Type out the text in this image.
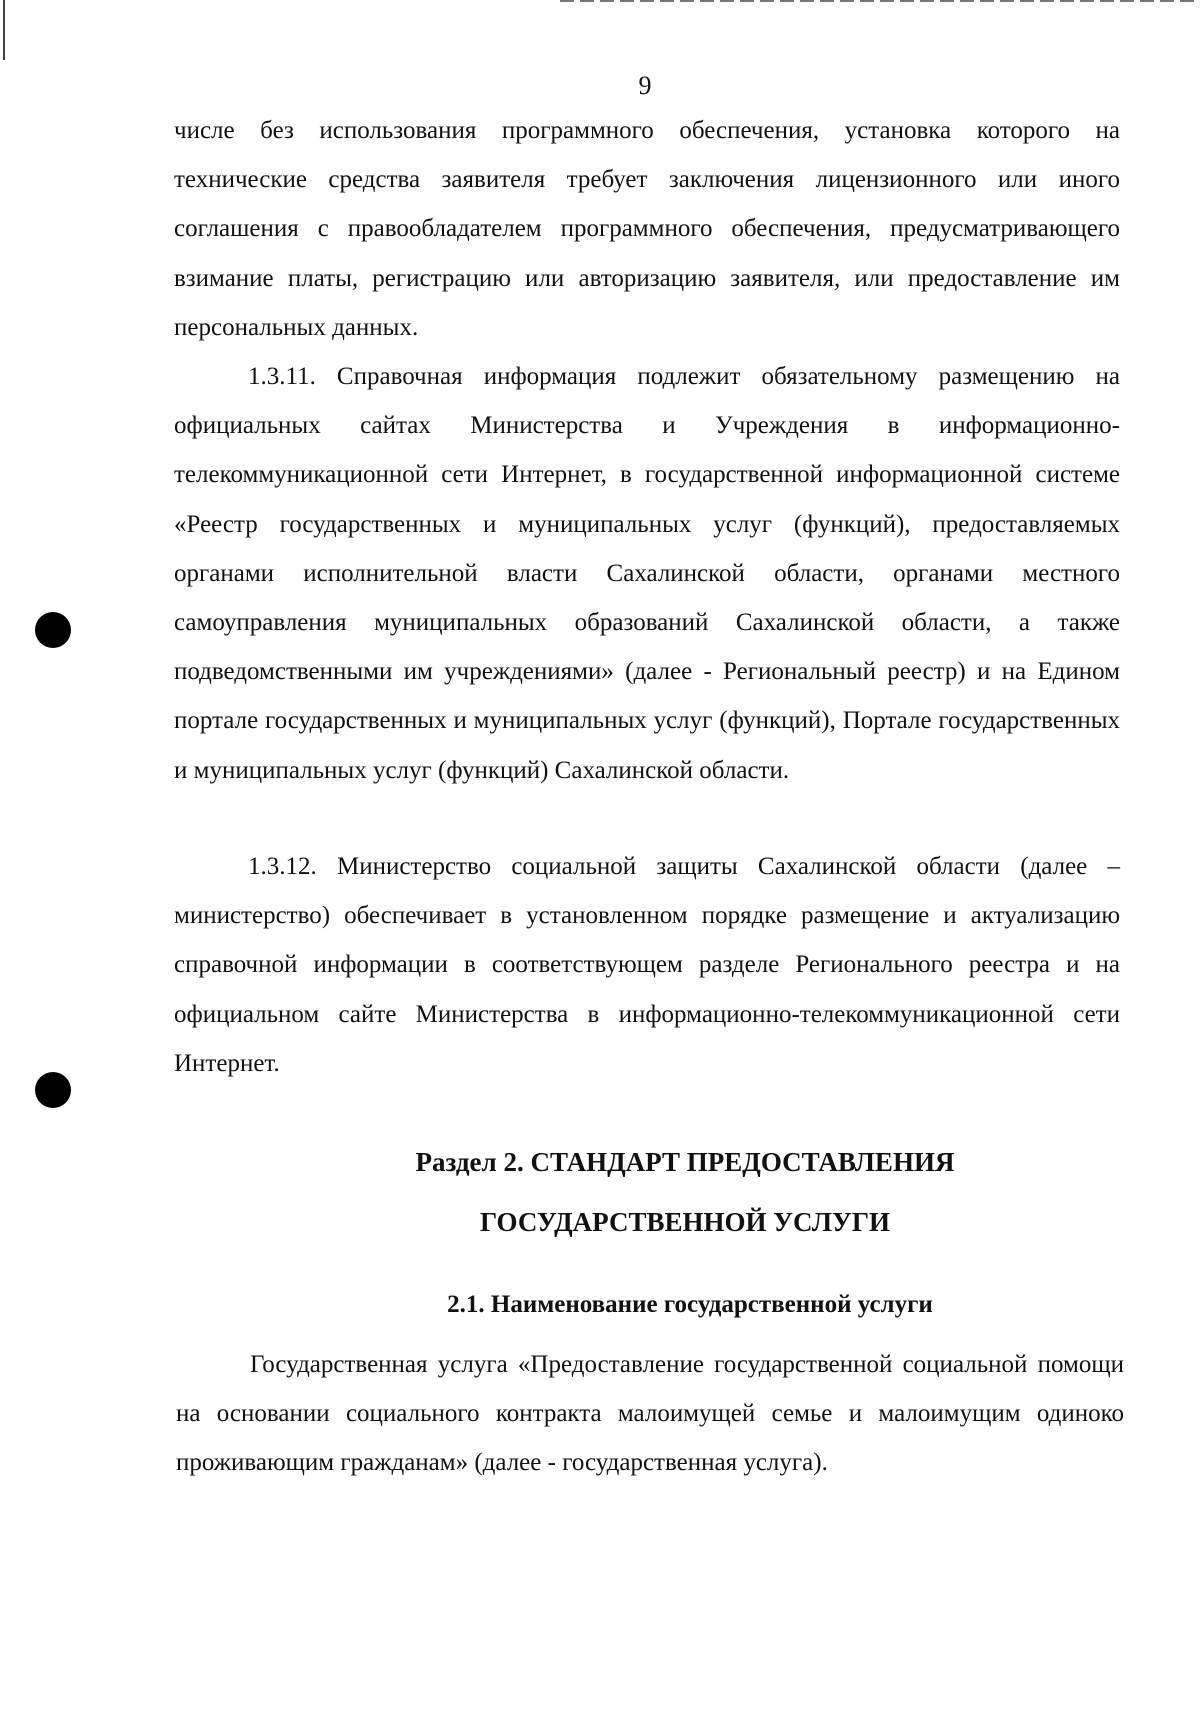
9

числе без использования программного обеспечения, установка которого на технические средства заявителя требует заключения лицензионного или иного соглашения с правообладателем программного обеспечения, предусматривающего взимание платы, регистрацию или авторизацию заявителя, или предоставление им персональных данных.

1.3.11. Справочная информация подлежит обязательному размещению на официальных сайтах Министерства и Учреждения в информационно-телекоммуникационной сети Интернет, в государственной информационной системе «Реестр государственных и муниципальных услуг (функций), предоставляемых органами исполнительной власти Сахалинской области, органами местного самоуправления муниципальных образований Сахалинской области, а также подведомственными им учреждениями» (далее - Региональный реестр) и на Едином портале государственных и муниципальных услуг (функций), Портале государственных и муниципальных услуг (функций) Сахалинской области.

1.3.12. Министерство социальной защиты Сахалинской области (далее – министерство) обеспечивает в установленном порядке размещение и актуализацию справочной информации в соответствующем разделе Регионального реестра и на официальном сайте Министерства в информационно-телекоммуникационной сети Интернет.

Раздел 2. СТАНДАРТ ПРЕДОСТАВЛЕНИЯ
ГОСУДАРСТВЕННОЙ УСЛУГИ
2.1. Наименование государственной услуги

Государственная услуга «Предоставление государственной социальной помощи на основании социального контракта малоимущей семье и малоимущим одиноко проживающим гражданам» (далее - государственная услуга).
